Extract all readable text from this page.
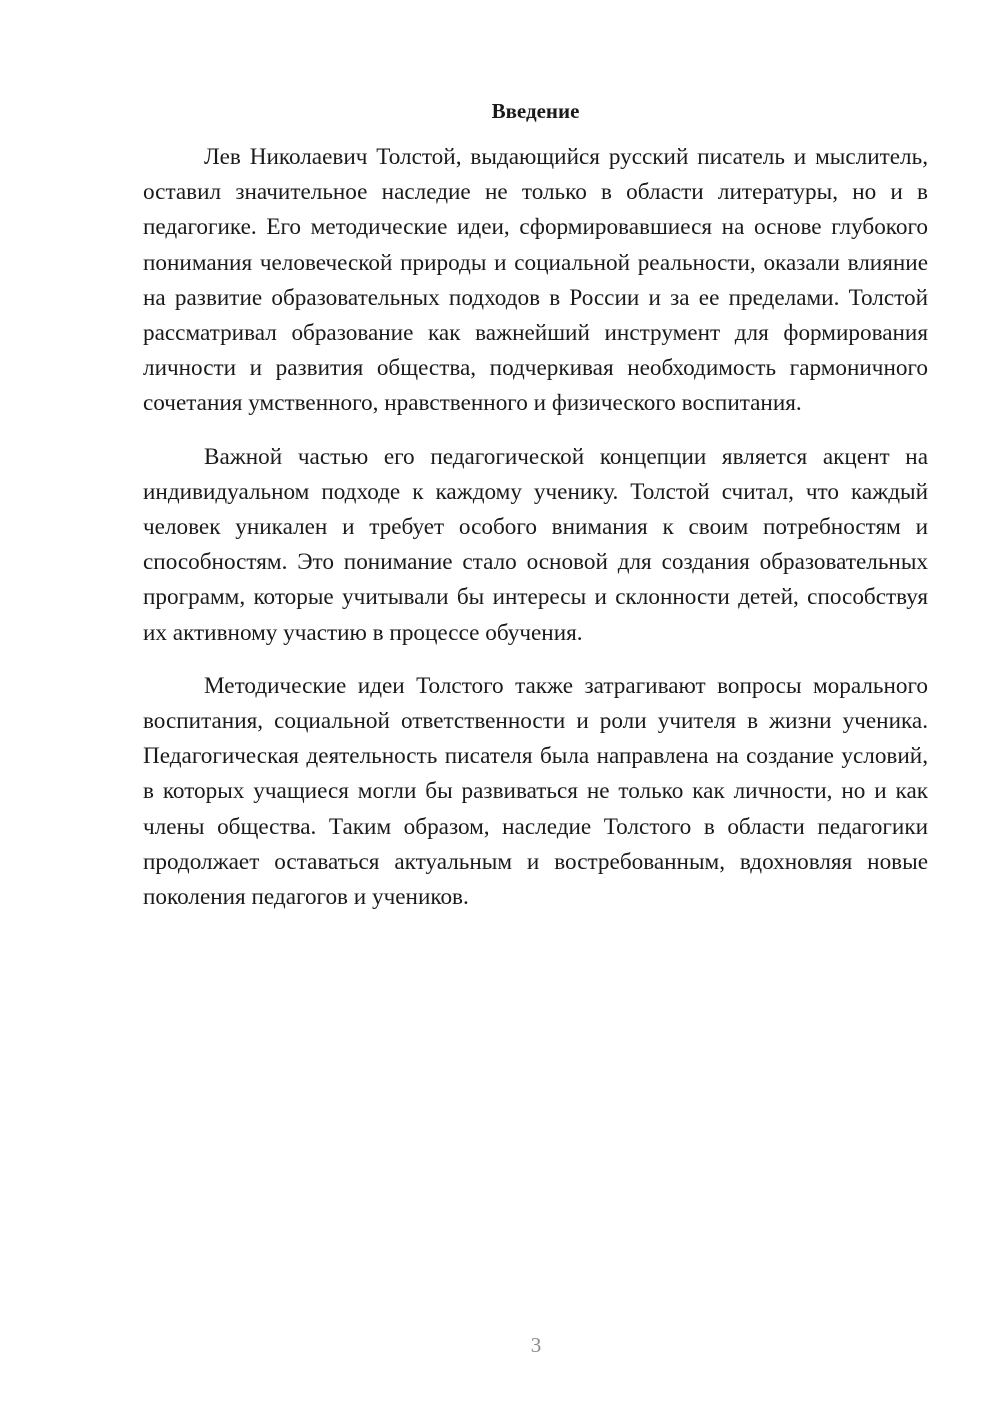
Введение

Лев Николаевич Толстой, выдающийся русский писатель и мыслитель, оставил значительное наследие не только в области литературы, но и в педагогике. Его методические идеи, сформировавшиеся на основе глубокого понимания человеческой природы и социальной реальности, оказали влияние на развитие образовательных подходов в России и за ее пределами. Толстой рассматривал образование как важнейший инструмент для формирования личности и развития общества, подчеркивая необходимость гармоничного сочетания умственного, нравственного и физического воспитания.

Важной частью его педагогической концепции является акцент на индивидуальном подходе к каждому ученику. Толстой считал, что каждый человек уникален и требует особого внимания к своим потребностям и способностям. Это понимание стало основой для создания образовательных программ, которые учитывали бы интересы и склонности детей, способствуя их активному участию в процессе обучения.

Методические идеи Толстого также затрагивают вопросы морального воспитания, социальной ответственности и роли учителя в жизни ученика. Педагогическая деятельность писателя была направлена на создание условий, в которых учащиеся могли бы развиваться не только как личности, но и как члены общества. Таким образом, наследие Толстого в области педагогики продолжает оставаться актуальным и востребованным, вдохновляя новые поколения педагогов и учеников.

3
